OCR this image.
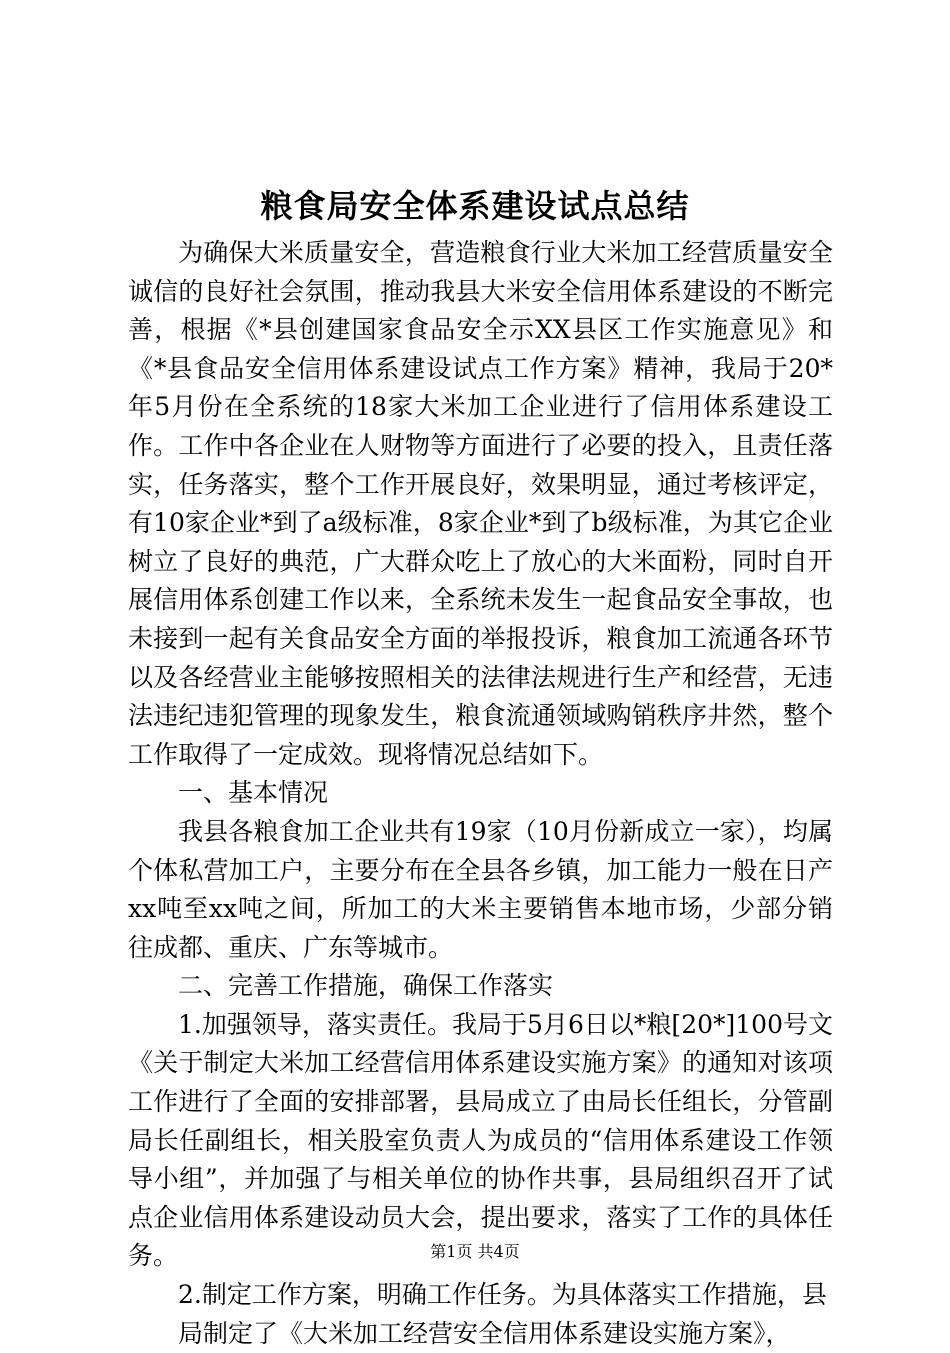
粮食局安全体系建设试点总结

为确保大米质量安全，营造粮食行业大米加工经营质量安全诚信的良好社会氛围，推动我县大米安全信用体系建设的不断完善，根据《*县创建国家食品安全示XX县区工作实施意见》和《*县食品安全信用体系建设试点工作方案》精神，我局于20*年5月份在全系统的18家大米加工企业进行了信用体系建设工作。工作中各企业在人财物等方面进行了必要的投入，且责任落实，任务落实，整个工作开展良好，效果明显，通过考核评定，有10家企业*到了a级标准，8家企业*到了b级标准，为其它企业树立了良好的典范，广大群众吃上了放心的大米面粉，同时自开展信用体系创建工作以来，全系统未发生一起食品安全事故，也未接到一起有关食品安全方面的举报投诉，粮食加工流通各环节以及各经营业主能够按照相关的法律法规进行生产和经营，无违法违纪违犯管理的现象发生，粮食流通领域购销秩序井然，整个工作取得了一定成效。现将情况总结如下。

一、基本情况

我县各粮食加工企业共有19家（10月份新成立一家），均属个体私营加工户，主要分布在全县各乡镇，加工能力一般在日产xx吨至xx吨之间，所加工的大米主要销售本地市场，少部分销往成都、重庆、广东等城市。

二、完善工作措施，确保工作落实

1.加强领导，落实责任。我局于5月6日以*粮[20*]100号文《关于制定大米加工经营信用体系建设实施方案》的通知对该项工作进行了全面的安排部署，县局成立了由局长任组长，分管副局长任副组长，相关股室负责人为成员的“信用体系建设工作领导小组”，并加强了与相关单位的协作共事，县局组织召开了试点企业信用体系建设动员大会，提出要求，落实了工作的具体任务。

2.制定工作方案，明确工作任务。为具体落实工作措施，县

局制定了《大米加工经营安全信用体系建设实施方案》，

第1页 共4页
